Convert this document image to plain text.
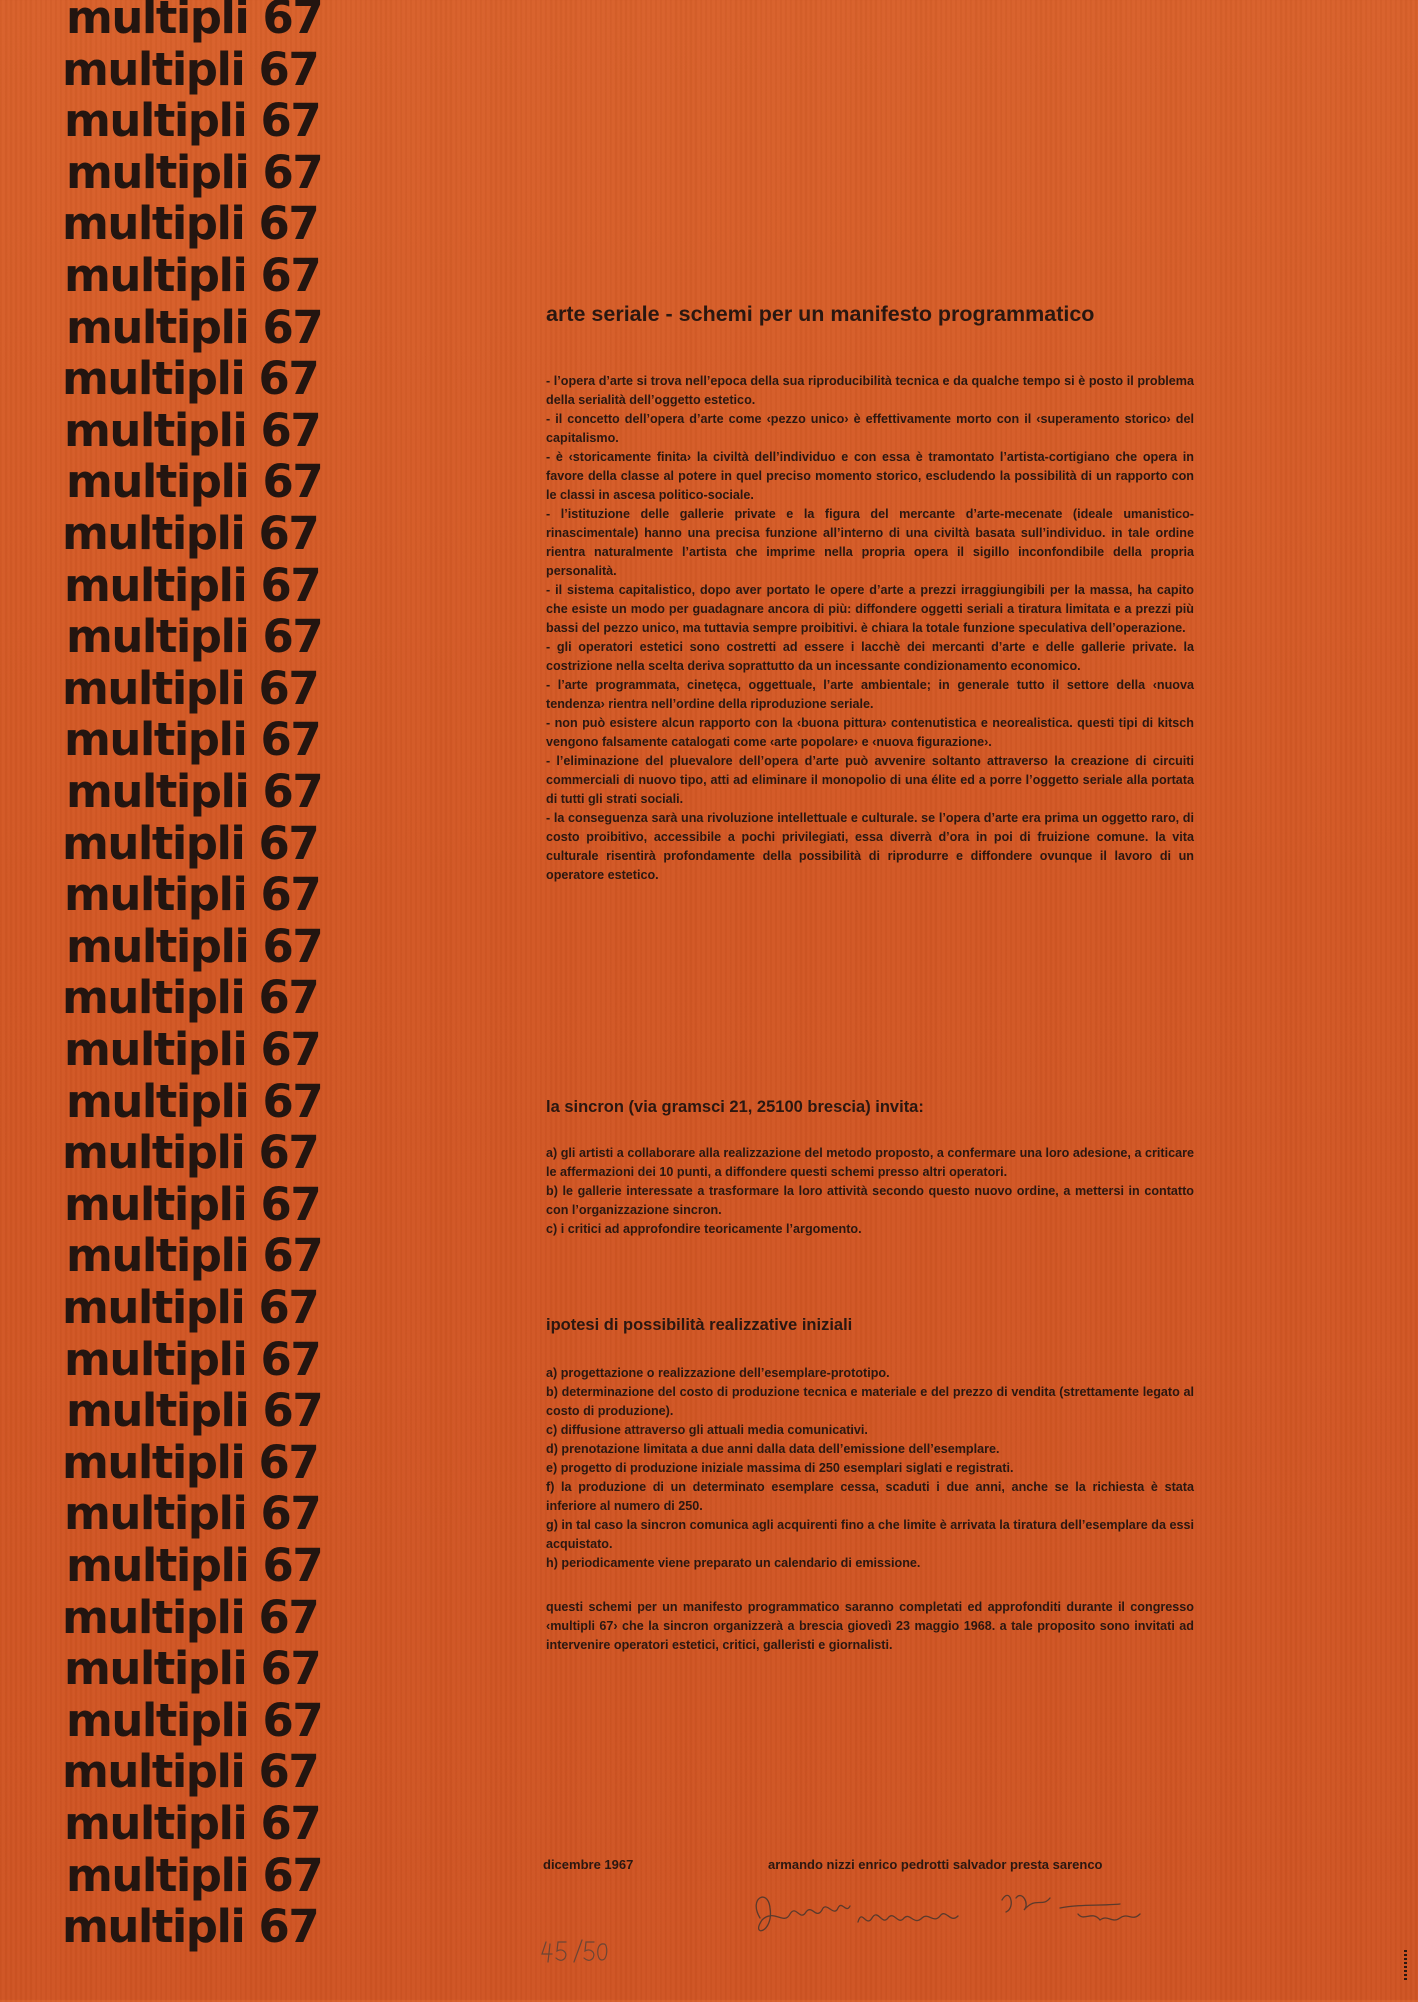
multipli 67
multipli 67
multipli 67
multipli 67
multipli 67
multipli 67
multipli 67
multipli 67
multipli 67
multipli 67
multipli 67
multipli 67
multipli 67
multipli 67
multipli 67
multipli 67
multipli 67
multipli 67
multipli 67
multipli 67
multipli 67
multipli 67
multipli 67
multipli 67
multipli 67
multipli 67
multipli 67
multipli 67
multipli 67
multipli 67
multipli 67
multipli 67
multipli 67
multipli 67
multipli 67
multipli 67
multipli 67
multipli 67
arte seriale - schemi per un manifesto programmatico

- l’opera d’arte si trova nell’epoca della sua riproducibilità tecnica e da qualche tempo si è posto il problema della serialità dell’oggetto estetico.

- il concetto dell’opera d’arte come ‹pezzo unico› è effettivamente morto con il ‹superamento storico› del capitalismo.

- è ‹storicamente finita› la civiltà dell’individuo e con essa è tramontato l’artista-cortigiano che opera in favore della classe al potere in quel preciso momento storico, escludendo la possibilità di un rapporto con le classi in ascesa politico-sociale.

- l’istituzione delle gallerie private e la figura del mercante d’arte-mecenate (ideale umanistico-rinascimentale) hanno una precisa funzione all’interno di una civiltà basata sull’individuo. in tale ordine rientra naturalmente l’artista che imprime nella propria opera il sigillo inconfondibile della propria personalità.

- il sistema capitalistico, dopo aver portato le opere d’arte a prezzi irraggiungibili per la massa, ha capito che esiste un modo per guadagnare ancora di più: diffondere oggetti seriali a tiratura limitata e a prezzi più bassi del pezzo unico, ma tuttavia sempre proibitivi. è chiara la totale funzione speculativa dell’operazione.

- gli operatori estetici sono costretti ad essere i lacchè dei mercanti d’arte e delle gallerie private. la costrizione nella scelta deriva soprattutto da un incessante condizionamento economico.

- l’arte programmata, cinetęca, oggettuale, l’arte ambientale; in generale tutto il settore della ‹nuova tendenza› rientra nell’ordine della riproduzione seriale.

- non può esistere alcun rapporto con la ‹buona pittura› contenutistica e neorealistica. questi tipi di kitsch vengono falsamente catalogati come ‹arte popolare› e ‹nuova figurazione›.

- l’eliminazione del pluevalore dell’opera d’arte può avvenire soltanto attraverso la creazione di circuiti commerciali di nuovo tipo, atti ad eliminare il monopolio di una élite ed a porre l’oggetto seriale alla portata di tutti gli strati sociali.

- la conseguenza sarà una rivoluzione intellettuale e culturale. se l’opera d’arte era prima un oggetto raro, di costo proibitivo, accessibile a pochi privilegiati, essa diverrà d’ora in poi di fruizione comune. la vita culturale risentirà profondamente della possibilità di riprodurre e diffondere ovunque il lavoro di un operatore estetico.

la sincron (via gramsci 21, 25100 brescia) invita:

a) gli artisti a collaborare alla realizzazione del metodo proposto, a confermare una loro adesione, a criticare le affermazioni dei 10 punti, a diffondere questi schemi presso altri operatori.

b) le gallerie interessate a trasformare la loro attività secondo questo nuovo ordine, a mettersi in contatto con l’organizzazione sincron.

c) i critici ad approfondire teoricamente l’argomento.

ipotesi di possibilità realizzative iniziali

a) progettazione o realizzazione dell’esemplare-prototipo.

b) determinazione del costo di produzione tecnica e materiale e del prezzo di vendita (strettamente legato al costo di produzione).

c) diffusione attraverso gli attuali media comunicativi.

d) prenotazione limitata a due anni dalla data dell’emissione dell’esemplare.

e) progetto di produzione iniziale massima di 250 esemplari siglati e registrati.

f) la produzione di un determinato esemplare cessa, scaduti i due anni, anche se la richiesta è stata inferiore al numero di 250.

g) in tal caso la sincron comunica agli acquirenti fino a che limite è arrivata la tiratura dell’esemplare da essi acquistato.

h) periodicamente viene preparato un calendario di emissione.

questi schemi per un manifesto programmatico saranno completati ed approfonditi durante il congresso ‹multipli 67› che la sincron organizzerà a brescia giovedì 23 maggio 1968. a tale proposito sono invitati ad intervenire operatori estetici, critici, galleristi e giornalisti.

dicembre 1967	armando nizzi enrico pedrotti salvador presta sarenco
